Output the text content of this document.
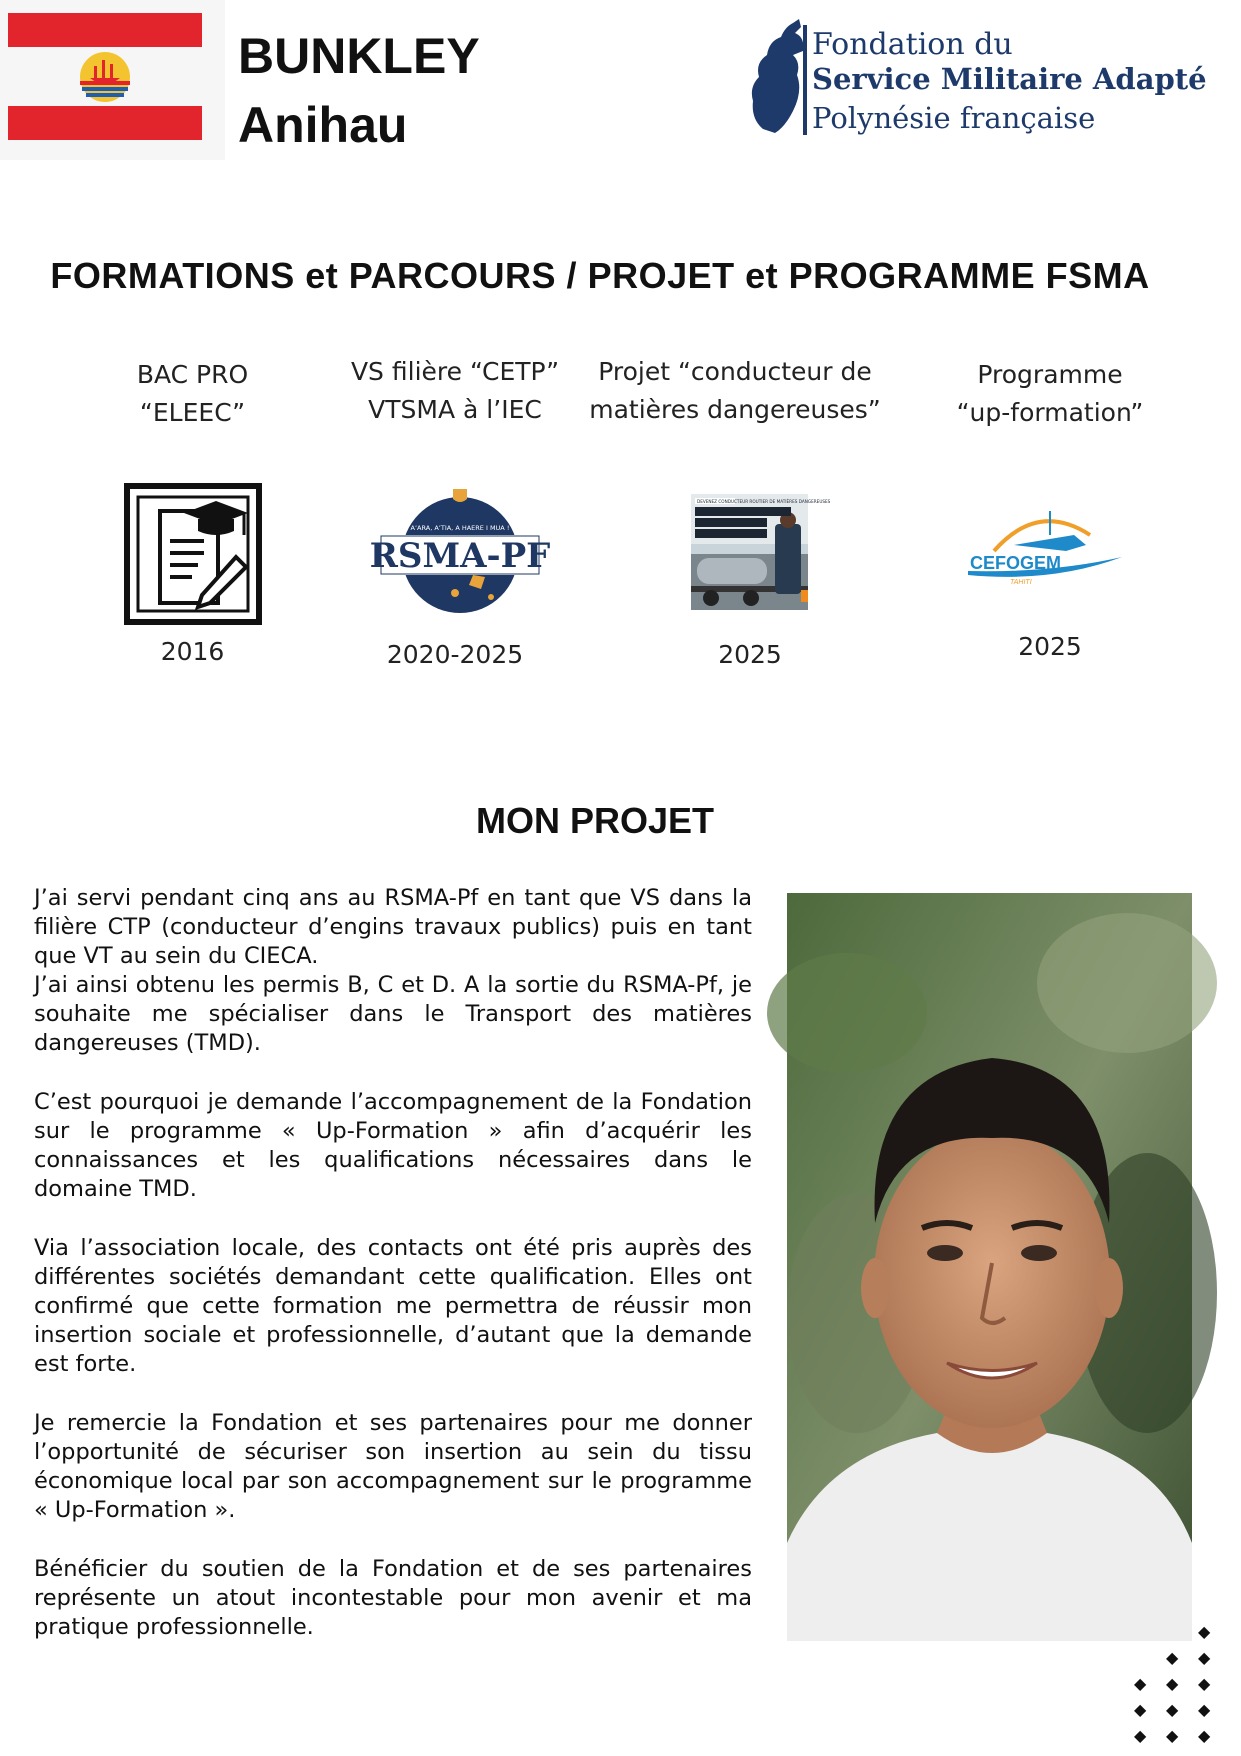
BUNKLEY
Anihau
Fondation du
Service Militaire Adapté
Polynésie française
FORMATIONS et PARCOURS / PROJET et PROGRAMME FSMA
BAC PRO
“ELEEC”
VS filière “CETP”
VTSMA à l’IEC
Projet “conducteur de
matières dangereuses”
Programme
“up-formation”
2016
RSMA-PF
A’ARA, A’TIA, A HAERE I MUA !
2020-2025
DEVENEZ CONDUCTEUR ROUTIER DE MATIÈRES DANGEREUSES
2025
CEFOGEM
TAHITI
2025
MON PROJET

J’ai servi pendant cinq ans au RSMA-Pf en tant que VS dans la filière CTP (conducteur d’engins travaux publics) puis en tant que VT au sein du CIECA.
J’ai ainsi obtenu les permis B, C et D. A la sortie du RSMA-Pf, je souhaite me spécialiser dans le Transport des matières dangereuses (TMD).

C’est pourquoi je demande l’accompagnement de la Fondation sur le programme « Up-Formation » afin d’acquérir les connaissances et les qualifications nécessaires dans le domaine TMD.

Via l’association locale, des contacts ont été pris auprès des différentes sociétés demandant cette qualification. Elles ont confirmé que cette formation me permettra de réussir mon insertion sociale et professionnelle, d’autant que la demande est forte.

Je remercie la Fondation et ses partenaires pour me donner l’opportunité de sécuriser son insertion au sein du tissu économique local par son accompagnement sur le programme « Up-Formation ».

Bénéficier du soutien de la Fondation et de ses partenaires représente un atout incontestable pour mon avenir et ma pratique professionnelle.	◆
◆ ◆
◆ ◆ ◆
◆ ◆ ◆
◆ ◆ ◆
